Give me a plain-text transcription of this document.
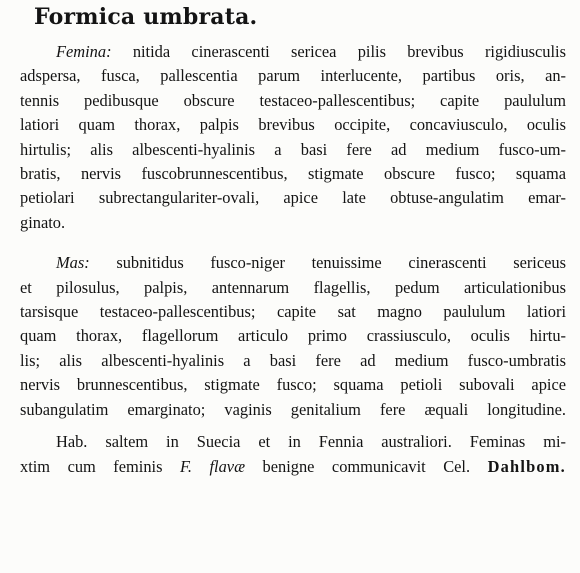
Formica umbrata.
Femina: nitida cinerascenti sericea pilis brevibus rigidiusculis
adspersa, fusca, pallescentia parum interlucente, partibus oris, an-
tennis pedibusque obscure testaceo-pallescentibus; capite paululum
latiori quam thorax, palpis brevibus occipite, concaviusculo, oculis
hirtulis; alis albescenti-hyalinis a basi fere ad medium fusco-um-
bratis, nervis fuscobrunnescentibus, stigmate obscure fusco; squama
petiolari subrectangulariter-ovali, apice late obtuse-angulatim emar-
ginato.
Mas: subnitidus fusco-niger tenuissime cinerascenti sericeus
et pilosulus, palpis, antennarum flagellis, pedum articulationibus
tarsisque testaceo-pallescentibus; capite sat magno paululum latiori
quam thorax, flagellorum articulo primo crassiusculo, oculis hirtu-
lis; alis albescenti-hyalinis a basi fere ad medium fusco-umbratis
nervis brunnescentibus, stigmate fusco; squama petioli subovali apice
subangulatim emarginato; vaginis genitalium fere æquali longitudine.
Hab. saltem in Suecia et in Fennia australiori. Feminas mi-
xtim cum feminis F. flavæ benigne communicavit Cel. Dahlbom.
